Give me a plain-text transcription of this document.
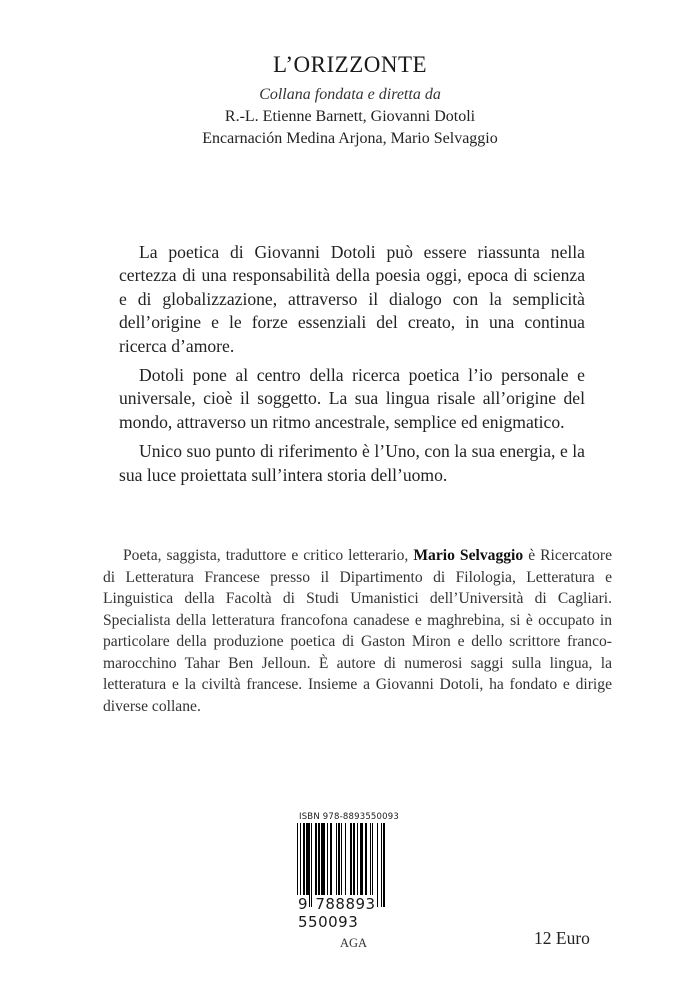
L’ORIZZONTE
Collana fondata e diretta da
R.-L. Etienne Barnett, Giovanni Dotoli
Encarnación Medina Arjona, Mario Selvaggio

La poetica di Giovanni Dotoli può essere riassunta nella certezza di una responsabilità della poesia oggi, epoca di scienza e di globalizzazione, attraverso il dialogo con la semplicità dell’origine e le forze essenziali del creato, in una continua ricerca d’amore.

Dotoli pone al centro della ricerca poetica l’io personale e universale, cioè il soggetto. La sua lingua risale all’origine del mondo, attraverso un ritmo ancestrale, semplice ed enigmatico.

Unico suo punto di riferimento è l’Uno, con la sua energia, e la sua luce proiettata sull’intera storia dell’uomo.

Poeta, saggista, traduttore e critico letterario, Mario Selvaggio è Ricercatore di Letteratura Francese presso il Dipartimento di Filologia, Letteratura e Linguistica della Facoltà di Studi Umanistici dell’Università di Cagliari. Specialista della letteratura francofona canadese e maghrebina, si è occupato in particolare della produzione poetica di Gaston Miron e dello scrittore franco-marocchino Tahar Ben Jelloun. È autore di numerosi saggi sulla lingua, la letteratura e la civiltà francese. Insieme a Giovanni Dotoli, ha fondato e dirige diverse collane.

ISBN 978-8893550093
9 788893 550093
AGA	12 Euro
